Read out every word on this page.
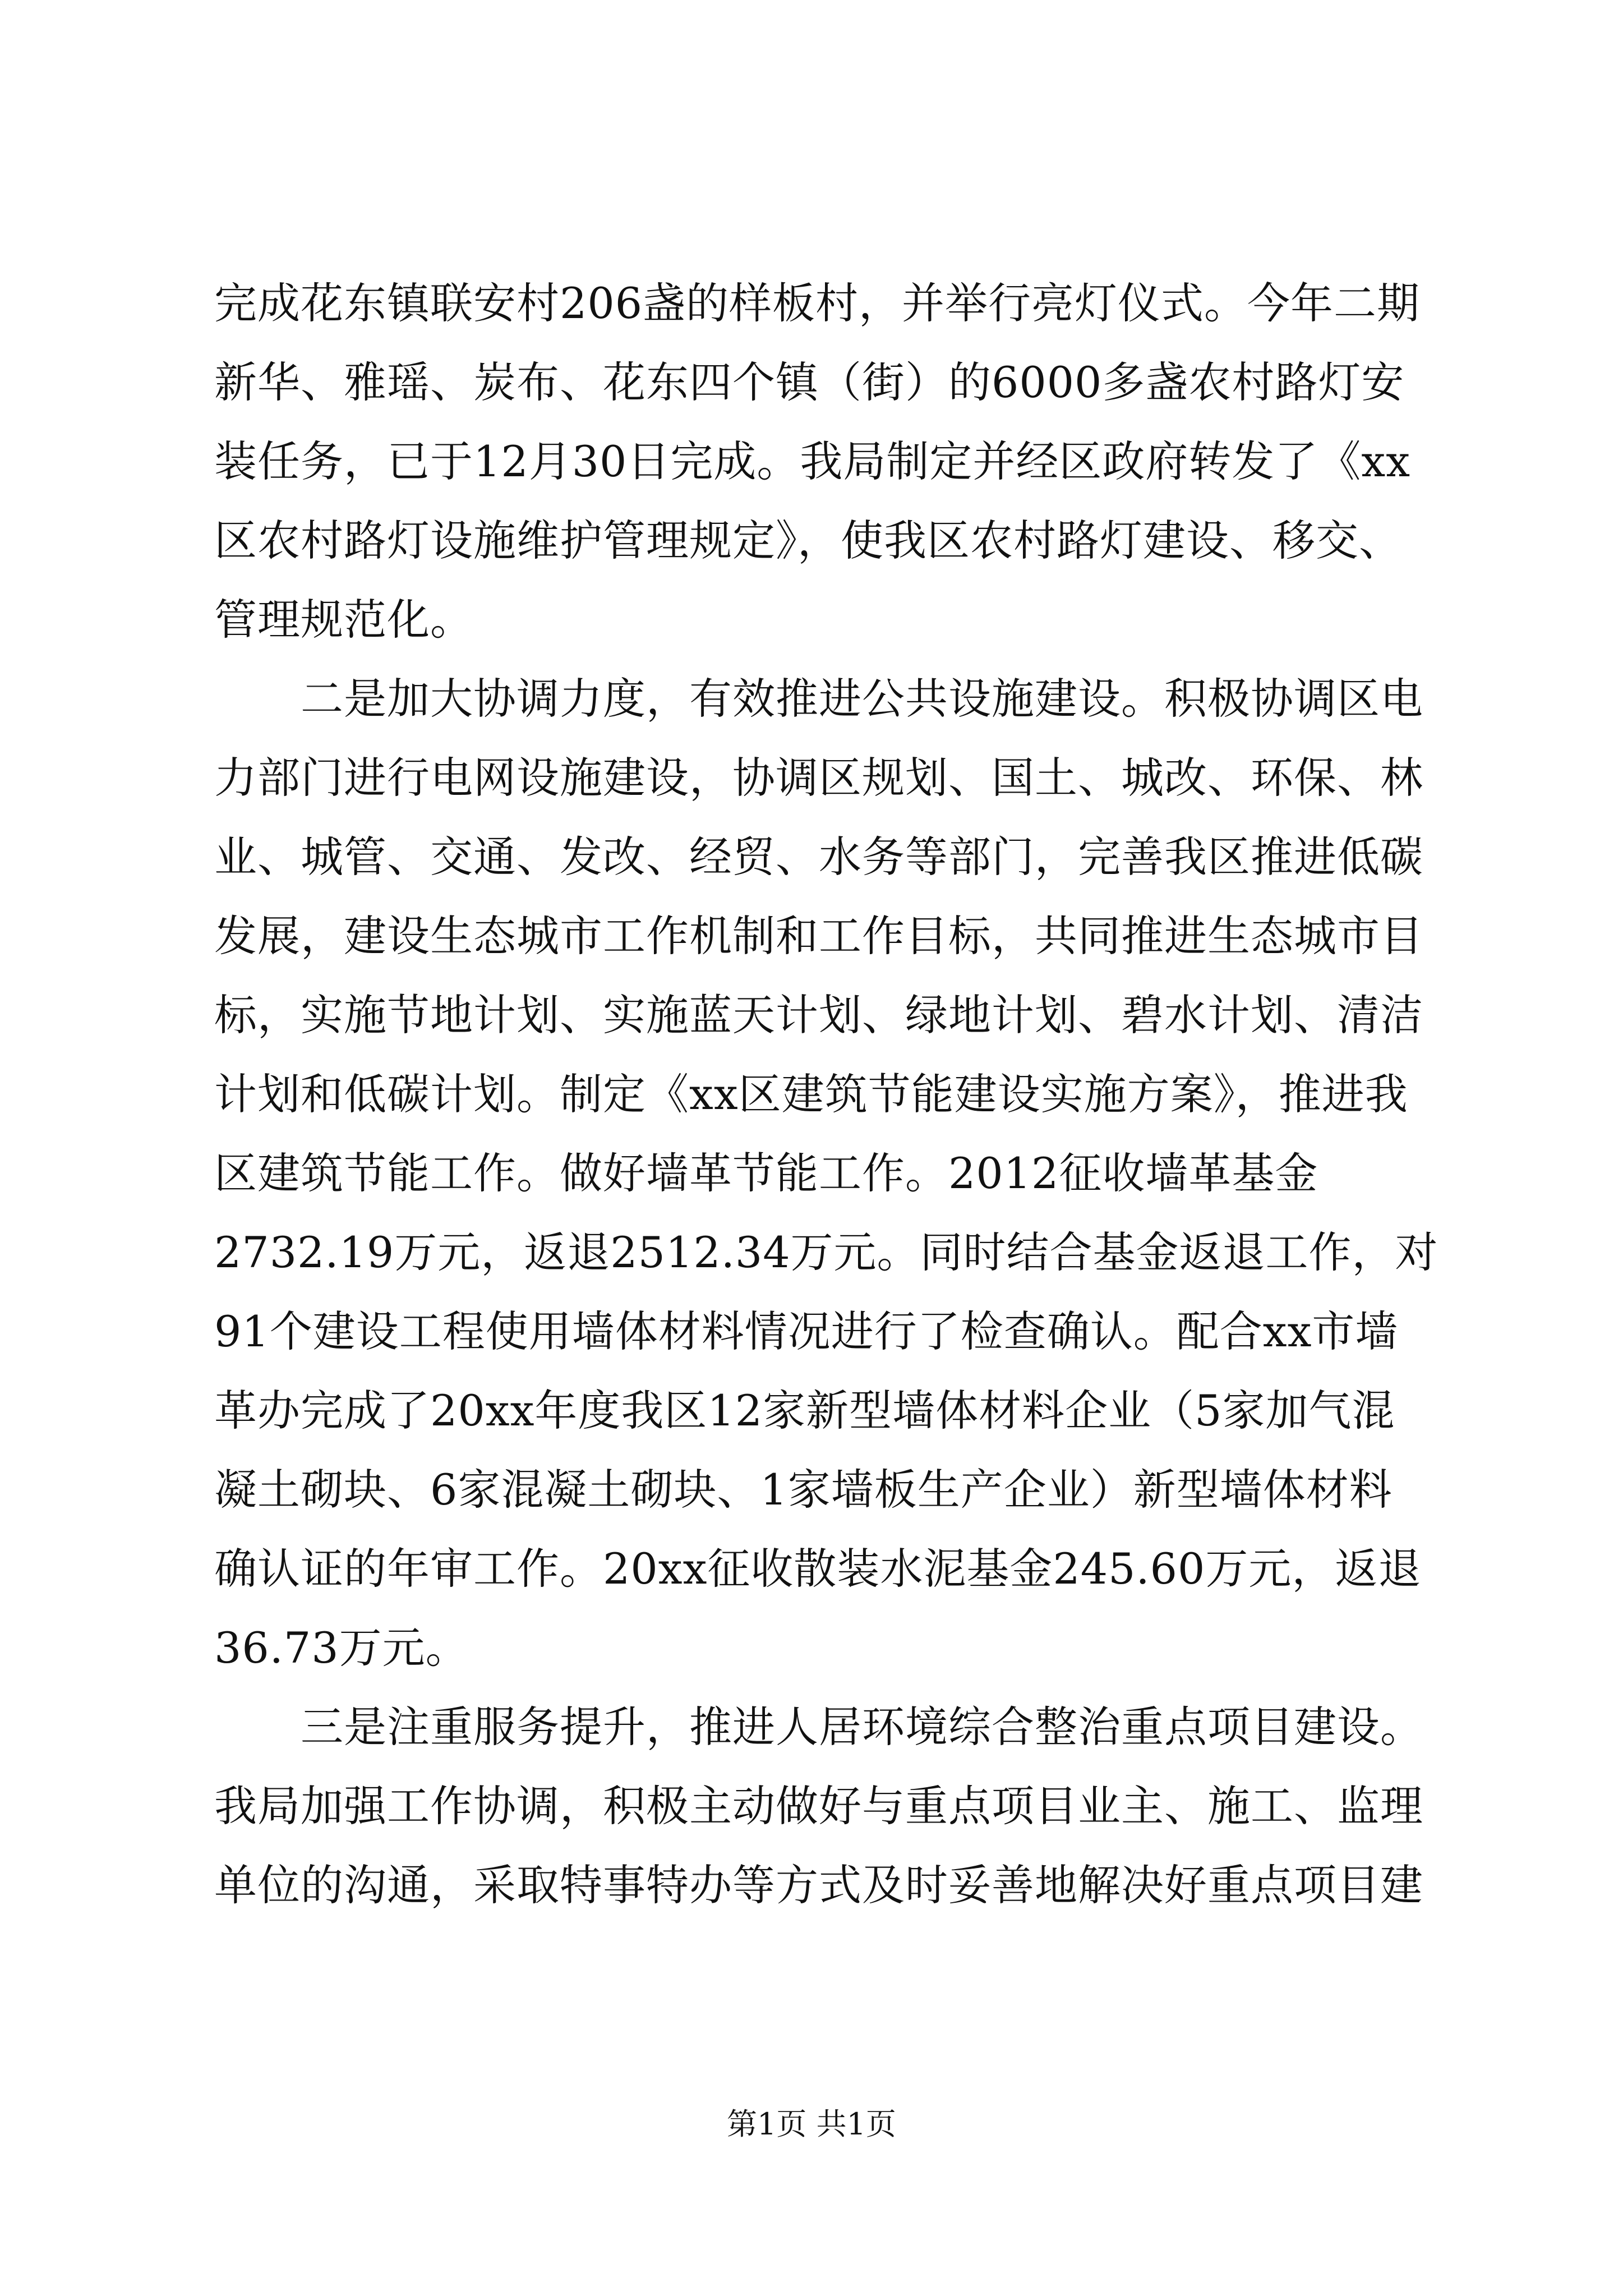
完成花东镇联安村206盏的样板村，并举行亮灯仪式。今年二期
新华、雅瑶、炭布、花东四个镇（街）的6000多盏农村路灯安
装任务，已于12月30日完成。我局制定并经区政府转发了《xx
区农村路灯设施维护管理规定》，使我区农村路灯建设、移交、
管理规范化。
二是加大协调力度，有效推进公共设施建设。积极协调区电
力部门进行电网设施建设，协调区规划、国土、城改、环保、林
业、城管、交通、发改、经贸、水务等部门，完善我区推进低碳
发展，建设生态城市工作机制和工作目标，共同推进生态城市目
标，实施节地计划、实施蓝天计划、绿地计划、碧水计划、清洁
计划和低碳计划。制定《xx区建筑节能建设实施方案》，推进我
区建筑节能工作。做好墙革节能工作。2012征收墙革基金
2732.19万元，返退2512.34万元。同时结合基金返退工作，对
91个建设工程使用墙体材料情况进行了检查确认。配合xx市墙
革办完成了20xx年度我区12家新型墙体材料企业（5家加气混
凝土砌块、6家混凝土砌块、1家墙板生产企业）新型墙体材料
确认证的年审工作。20xx征收散装水泥基金245.60万元，返退
36.73万元。
三是注重服务提升，推进人居环境综合整治重点项目建设。
我局加强工作协调，积极主动做好与重点项目业主、施工、监理
单位的沟通，采取特事特办等方式及时妥善地解决好重点项目建
第1页 共1页
